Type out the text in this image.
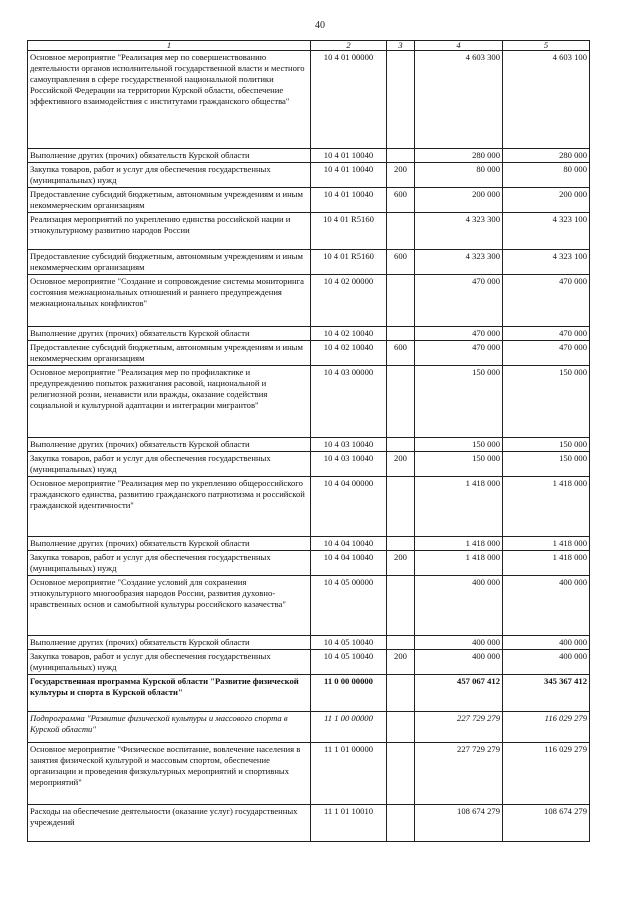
40
1	2	3	4	5
Основное мероприятие "Реализация мер по совершенствованию деятельности органов исполнительной государственной власти и местного самоуправления в сфере государственной национальной политики Российской Федерации на территории Курской области, обеспечение эффективного взаимодействия с институтами гражданского общества"	10 4 01 00000		4 603 300	4 603 100
Выполнение других (прочих) обязательств Курской области	10 4 01 10040		280 000	280 000
Закупка товаров, работ и услуг для обеспечения государственных (муниципальных) нужд	10 4 01 10040	200	80 000	80 000
Предоставление субсидий бюджетным, автономным учреждениям и иным некоммерческим организациям	10 4 01 10040	600	200 000	200 000
Реализация мероприятий по укреплению единства российской нации и этнокультурному развитию народов России	10 4 01 R5160		4 323 300	4 323 100
Предоставление субсидий бюджетным, автономным учреждениям и иным некоммерческим организациям	10 4 01 R5160	600	4 323 300	4 323 100
Основное мероприятие "Создание и сопровождение системы мониторинга состояния межнациональных отношений и раннего предупреждения межнациональных конфликтов"	10 4 02 00000		470 000	470 000
Выполнение других (прочих) обязательств Курской области	10 4 02 10040		470 000	470 000
Предоставление субсидий бюджетным, автономным учреждениям и иным некоммерческим организациям	10 4 02 10040	600	470 000	470 000
Основное мероприятие "Реализация мер по профилактике и предупреждению попыток разжигания расовой, национальной и религиозной розни, ненависти или вражды, оказание содействия социальной и культурной адаптации и интеграции мигрантов"	10 4 03 00000		150 000	150 000
Выполнение других (прочих) обязательств Курской области	10 4 03 10040		150 000	150 000
Закупка товаров, работ и услуг для обеспечения государственных (муниципальных) нужд	10 4 03 10040	200	150 000	150 000
Основное мероприятие "Реализация мер по укреплению общероссийского гражданского единства, развитию гражданского патриотизма и российской гражданской идентичности"	10 4 04 00000		1 418 000	1 418 000
Выполнение других (прочих) обязательств Курской области	10 4 04 10040		1 418 000	1 418 000
Закупка товаров, работ и услуг для обеспечения государственных (муниципальных) нужд	10 4 04 10040	200	1 418 000	1 418 000
Основное мероприятие "Создание условий для сохранения этнокультурного многообразия народов России, развития духовно-нравственных основ и самобытной культуры российского казачества"	10 4 05 00000		400 000	400 000
Выполнение других (прочих) обязательств Курской области	10 4 05 10040		400 000	400 000
Закупка товаров, работ и услуг для обеспечения государственных (муниципальных) нужд	10 4 05 10040	200	400 000	400 000
Государственная программа Курской области "Развитие физической культуры и спорта в Курской области"	11 0 00 00000		457 067 412	345 367 412
Подпрограмма "Развитие физической культуры и массового спорта в Курской области"	11 1 00 00000		227 729 279	116 029 279
Основное мероприятие "Физическое воспитание, вовлечение населения в занятия физической культурой и массовым спортом, обеспечение организации и проведения физкультурных мероприятий и спортивных мероприятий"	11 1 01 00000		227 729 279	116 029 279
Расходы на обеспечение деятельности (оказание услуг) государственных учреждений	11 1 01 10010		108 674 279	108 674 279
